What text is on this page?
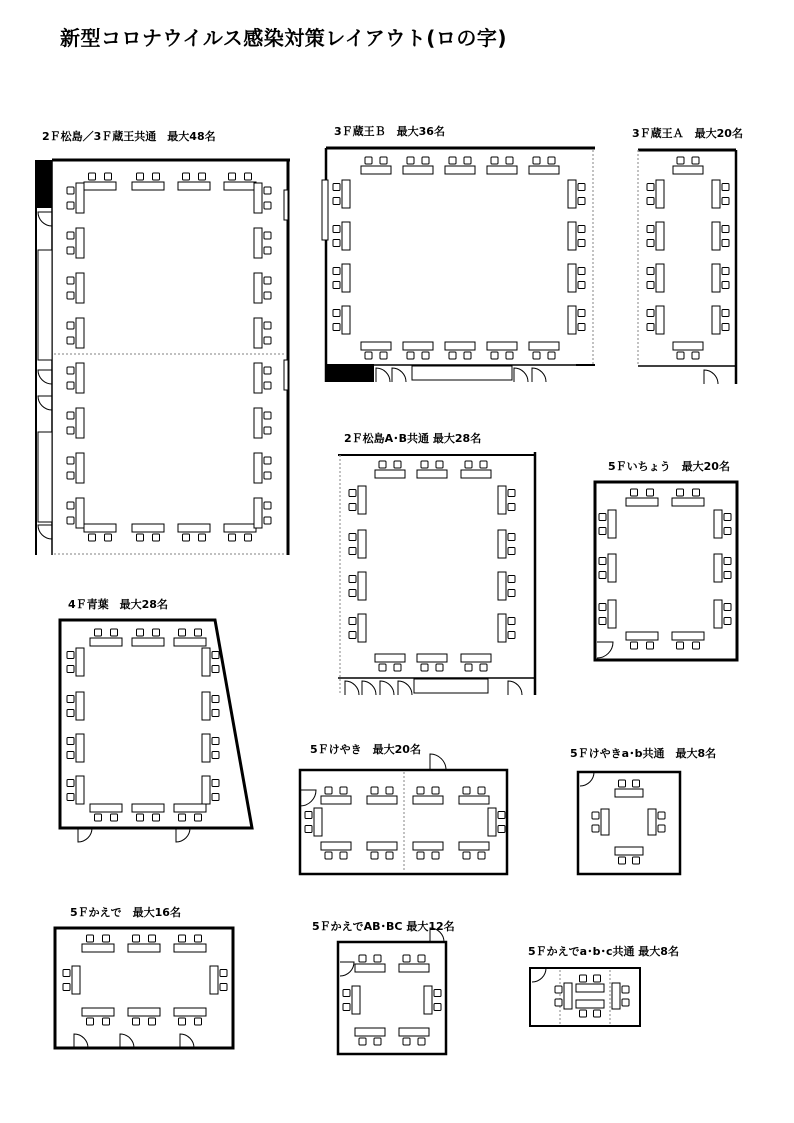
新型コロナウイルス感染対策レイアウト(ロの字)
2Ｆ松島／3Ｆ蔵王共通　最大48名	3Ｆ蔵王Ｂ　最大36名	3Ｆ蔵王Ａ　最大20名
2Ｆ松島A･B共通 最大28名
5Ｆいちょう　最大20名
4Ｆ青葉　最大28名
5Ｆけやき　最大20名	5Ｆけやきa･b共通　最大8名
5Ｆかえで　最大16名
5ＦかえでAB･BC 最大12名
5Ｆかえでa･b･c共通 最大8名
